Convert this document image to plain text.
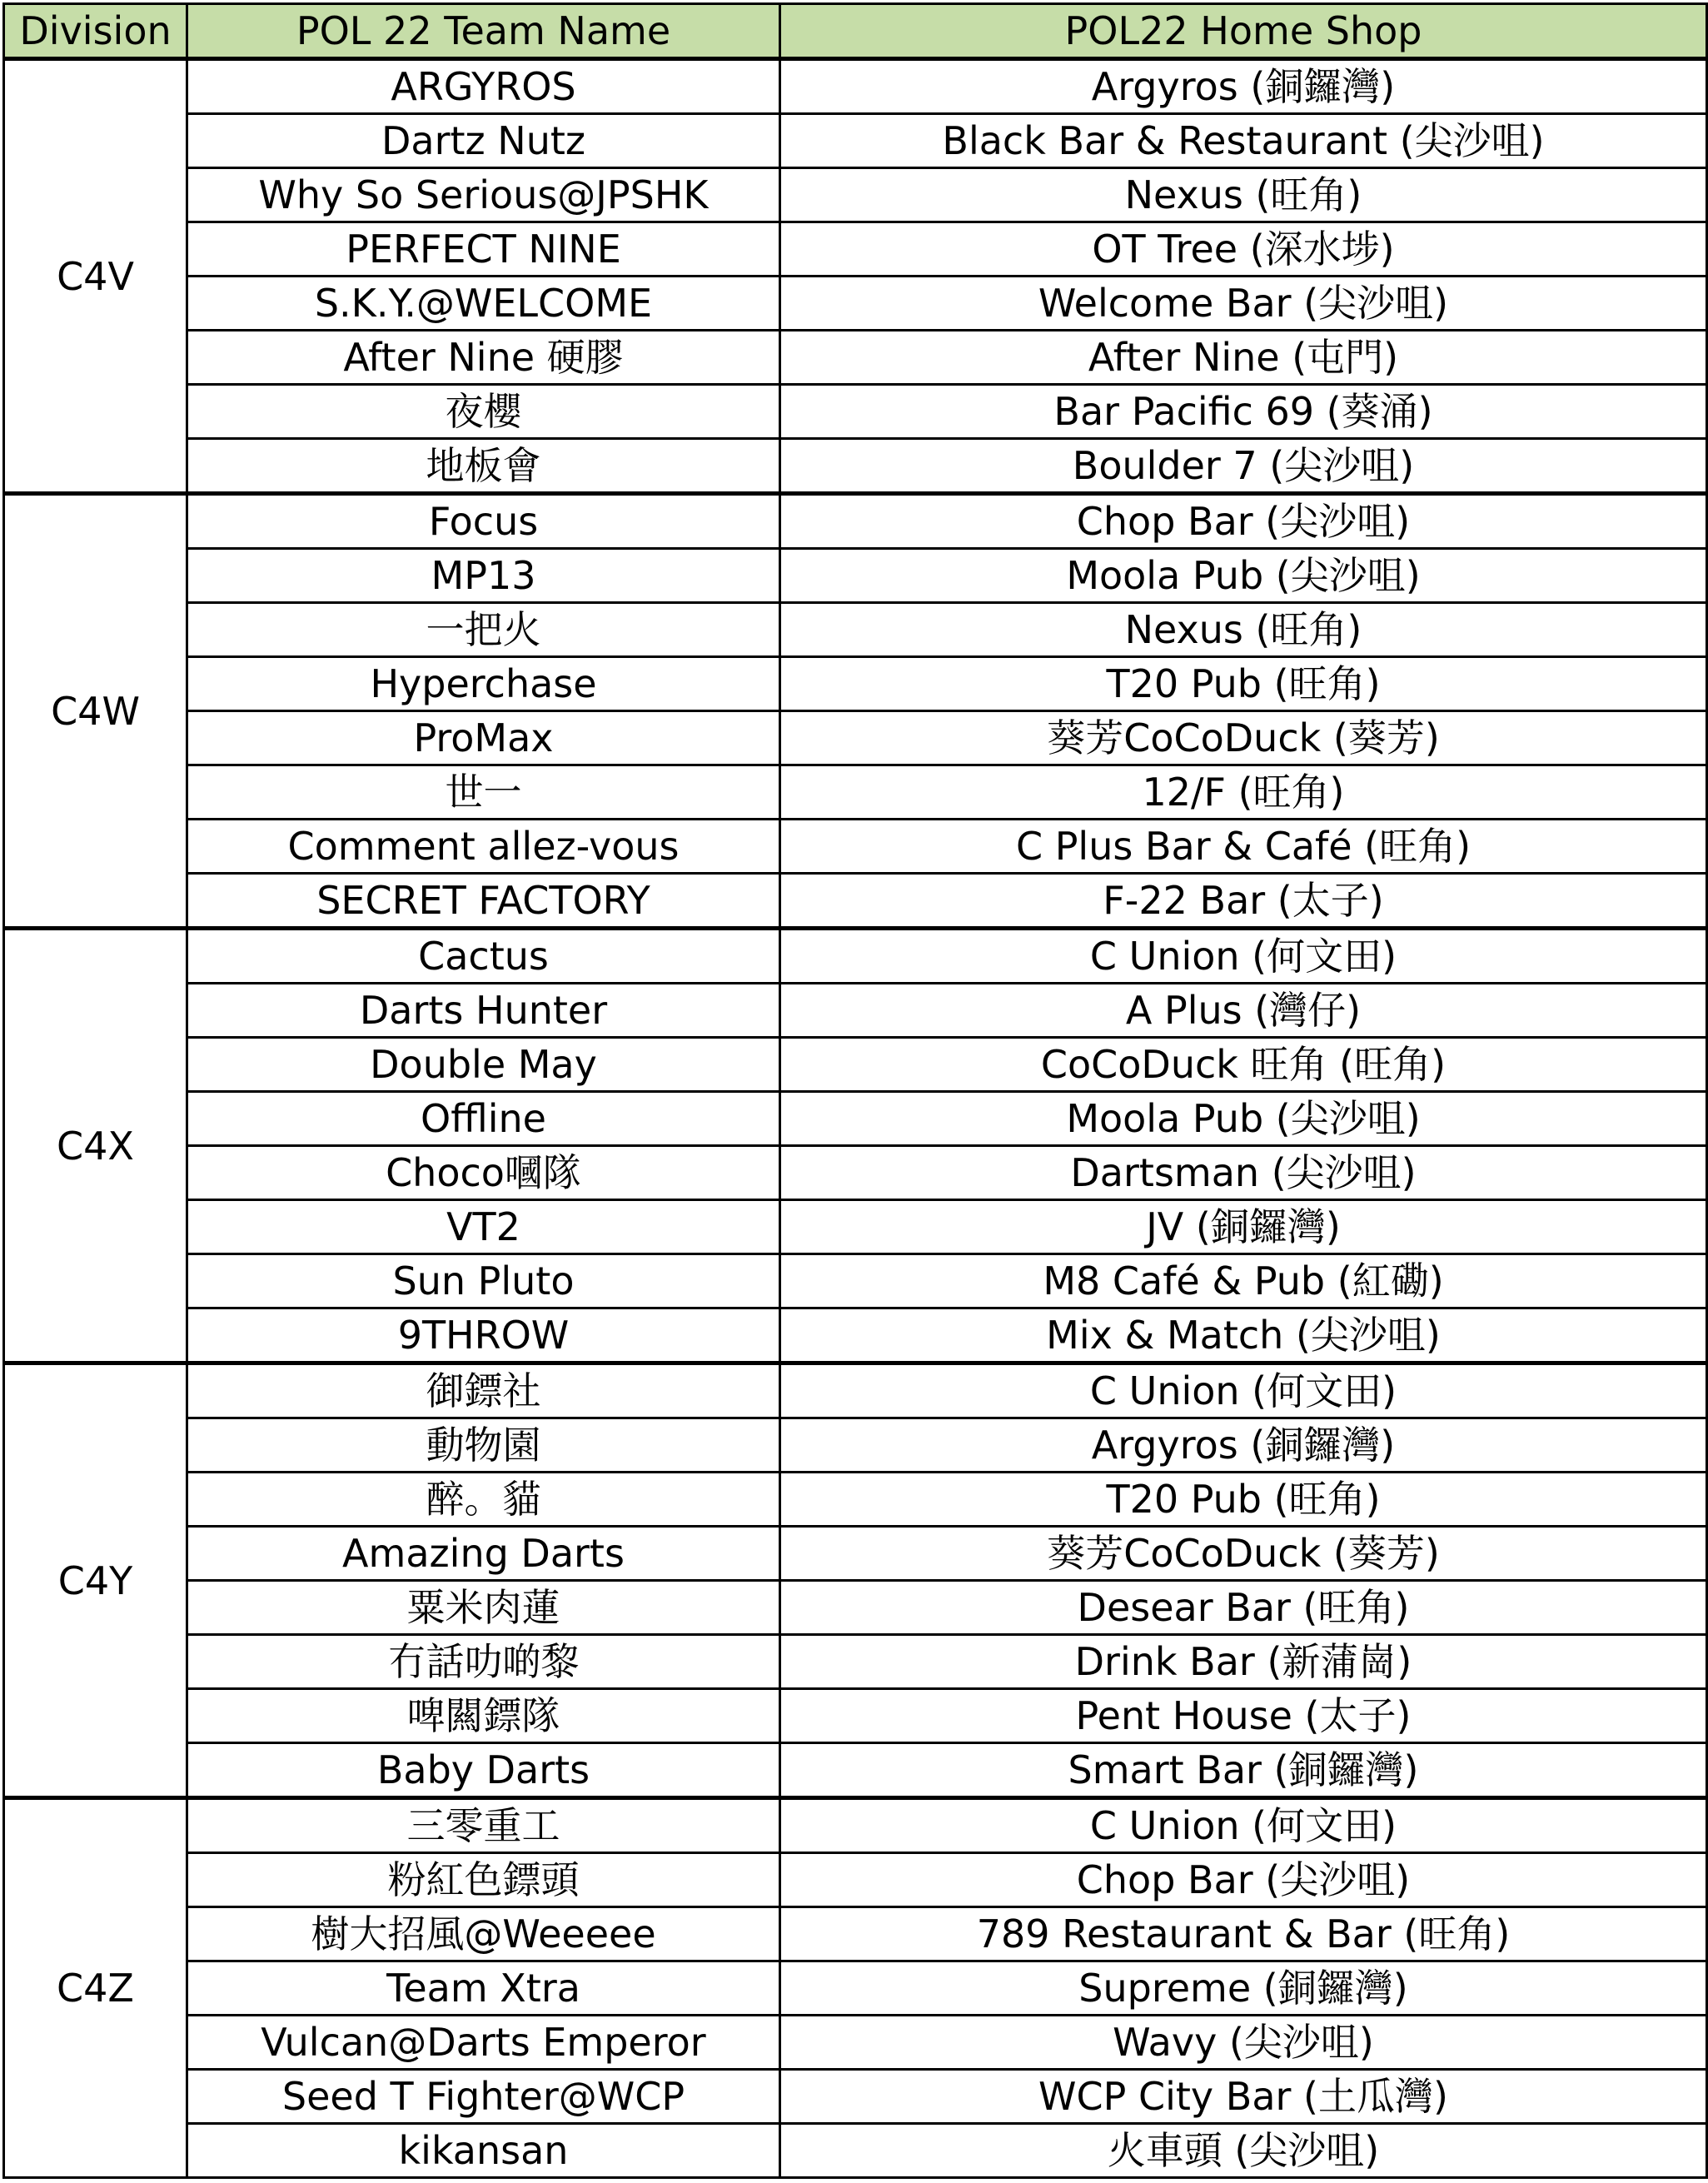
Division	POL 22 Team Name	POL22 Home Shop
C4V	ARGYROS	Argyros (銅鑼灣)
	Dartz Nutz	Black Bar & Restaurant (尖沙咀)
	Why So Serious@JPSHK	Nexus (旺角)
	PERFECT NINE	OT Tree (深水埗)
	S.K.Y.@WELCOME	Welcome Bar (尖沙咀)
	After Nine 硬膠	After Nine (屯門)
	夜櫻	Bar Pacific 69 (葵涌)
	地板會	Boulder 7 (尖沙咀)
C4W	Focus	Chop Bar (尖沙咀)
	MP13	Moola Pub (尖沙咀)
	一把火	Nexus (旺角)
	Hyperchase	T20 Pub (旺角)
	ProMax	葵芳CoCoDuck (葵芳)
	世一	12/F (旺角)
	Comment allez-vous	C Plus Bar & Café (旺角)
	SECRET FACTORY	F-22 Bar (太子)
C4X	Cactus	C Union (何文田)
	Darts Hunter	A Plus (灣仔)
	Double May	CoCoDuck 旺角 (旺角)
	Offline	Moola Pub (尖沙咀)
	Choco嘓隊	Dartsman (尖沙咀)
	VT2	JV (銅鑼灣)
	Sun Pluto	M8 Café & Pub (紅磡)
	9THROW	Mix & Match (尖沙咀)
C4Y	御鏢社	C Union (何文田)
	動物園	Argyros (銅鑼灣)
	醉。貓	T20 Pub (旺角)
	Amazing Darts	葵芳CoCoDuck (葵芳)
	粟米肉蓮	Desear Bar (旺角)
	冇話叻啲黎	Drink Bar (新蒲崗)
	啤闗鏢隊	Pent House (太子)
	Baby Darts	Smart Bar (銅鑼灣)
C4Z	三零重工	C Union (何文田)
	粉紅色鏢頭	Chop Bar (尖沙咀)
	樹大招風@Weeeee	789 Restaurant & Bar (旺角)
	Team Xtra	Supreme (銅鑼灣)
	Vulcan@Darts Emperor	Wavy (尖沙咀)
	Seed T Fighter@WCP	WCP City Bar (土瓜灣)
	kikansan	火車頭 (尖沙咀)
